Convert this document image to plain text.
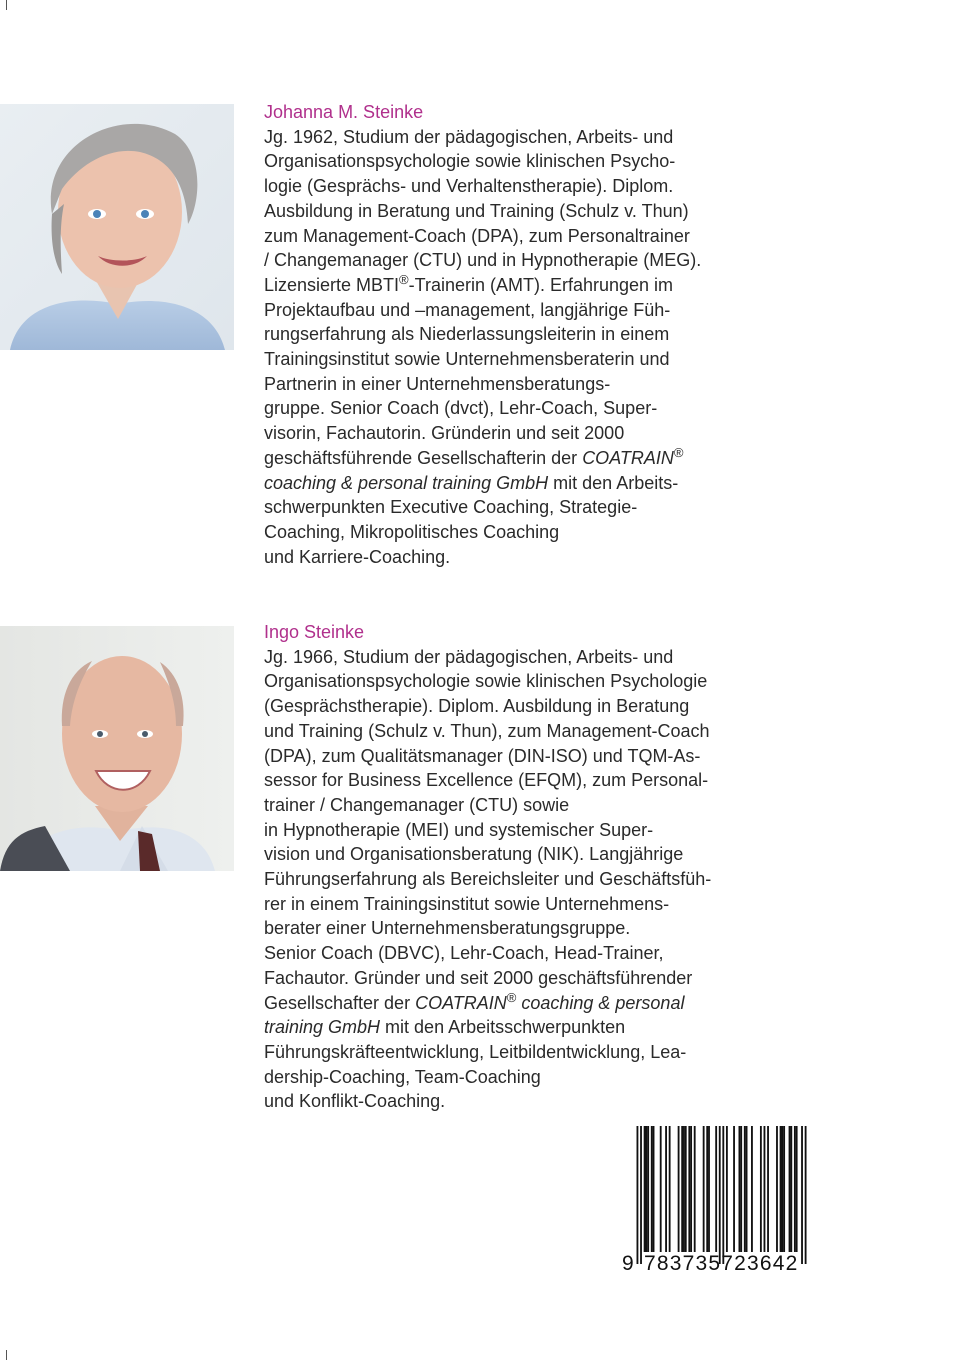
Johanna M. Steinke
Jg. 1962, Studium der pädagogischen, Arbeits- und
Organisationspsychologie sowie klinischen Psycho-
logie (Gesprächs- und Verhaltenstherapie). Diplom.
Ausbildung in Beratung und Training (Schulz v. Thun)
zum Management-Coach (DPA), zum Personaltrainer
/ Changemanager (CTU) und in Hypnotherapie (MEG).
Lizensierte MBTI®-Trainerin (AMT). Erfahrungen im
Projektaufbau und –management, langjährige Füh-
rungserfahrung als Niederlassungsleiterin in einem
Trainingsinstitut sowie Unternehmensberaterin und
Partnerin in einer Unternehmensberatungs-
gruppe. Senior Coach (dvct), Lehr-Coach, Super-
visorin, Fachautorin. Gründerin und seit 2000
geschäftsführende Gesellschafterin der COATRAIN®
coaching & personal training GmbH mit den Arbeits-
schwerpunkten Executive Coaching, Strategie-
Coaching, Mikropolitisches Coaching
und Karriere-Coaching.
Ingo Steinke
Jg. 1966, Studium der pädagogischen, Arbeits- und
Organisationspsychologie sowie klinischen Psychologie
(Gesprächstherapie). Diplom. Ausbildung in Beratung
und Training (Schulz v. Thun), zum Management-Coach
(DPA), zum Qualitätsmanager (DIN-ISO) und TQM-As-
sessor for Business Excellence (EFQM), zum Personal-
trainer / Changemanager (CTU) sowie
in Hypnotherapie (MEI) und systemischer Super-
vision und Organisationsberatung (NIK). Langjährige
Führungserfahrung als Bereichsleiter und Geschäftsfüh-
rer in einem Trainingsinstitut sowie Unternehmens-
berater einer Unternehmensberatungsgruppe.
Senior Coach (DBVC), Lehr-Coach, Head-Trainer,
Fachautor. Gründer und seit 2000 geschäftsführender
Gesellschafter der COATRAIN® coaching & personal
training GmbH mit den Arbeitsschwerpunkten
Führungskräfteentwicklung, Leitbildentwicklung, Lea-
dership-Coaching, Team-Coaching
und Konflikt-Coaching.
9 783735723642
